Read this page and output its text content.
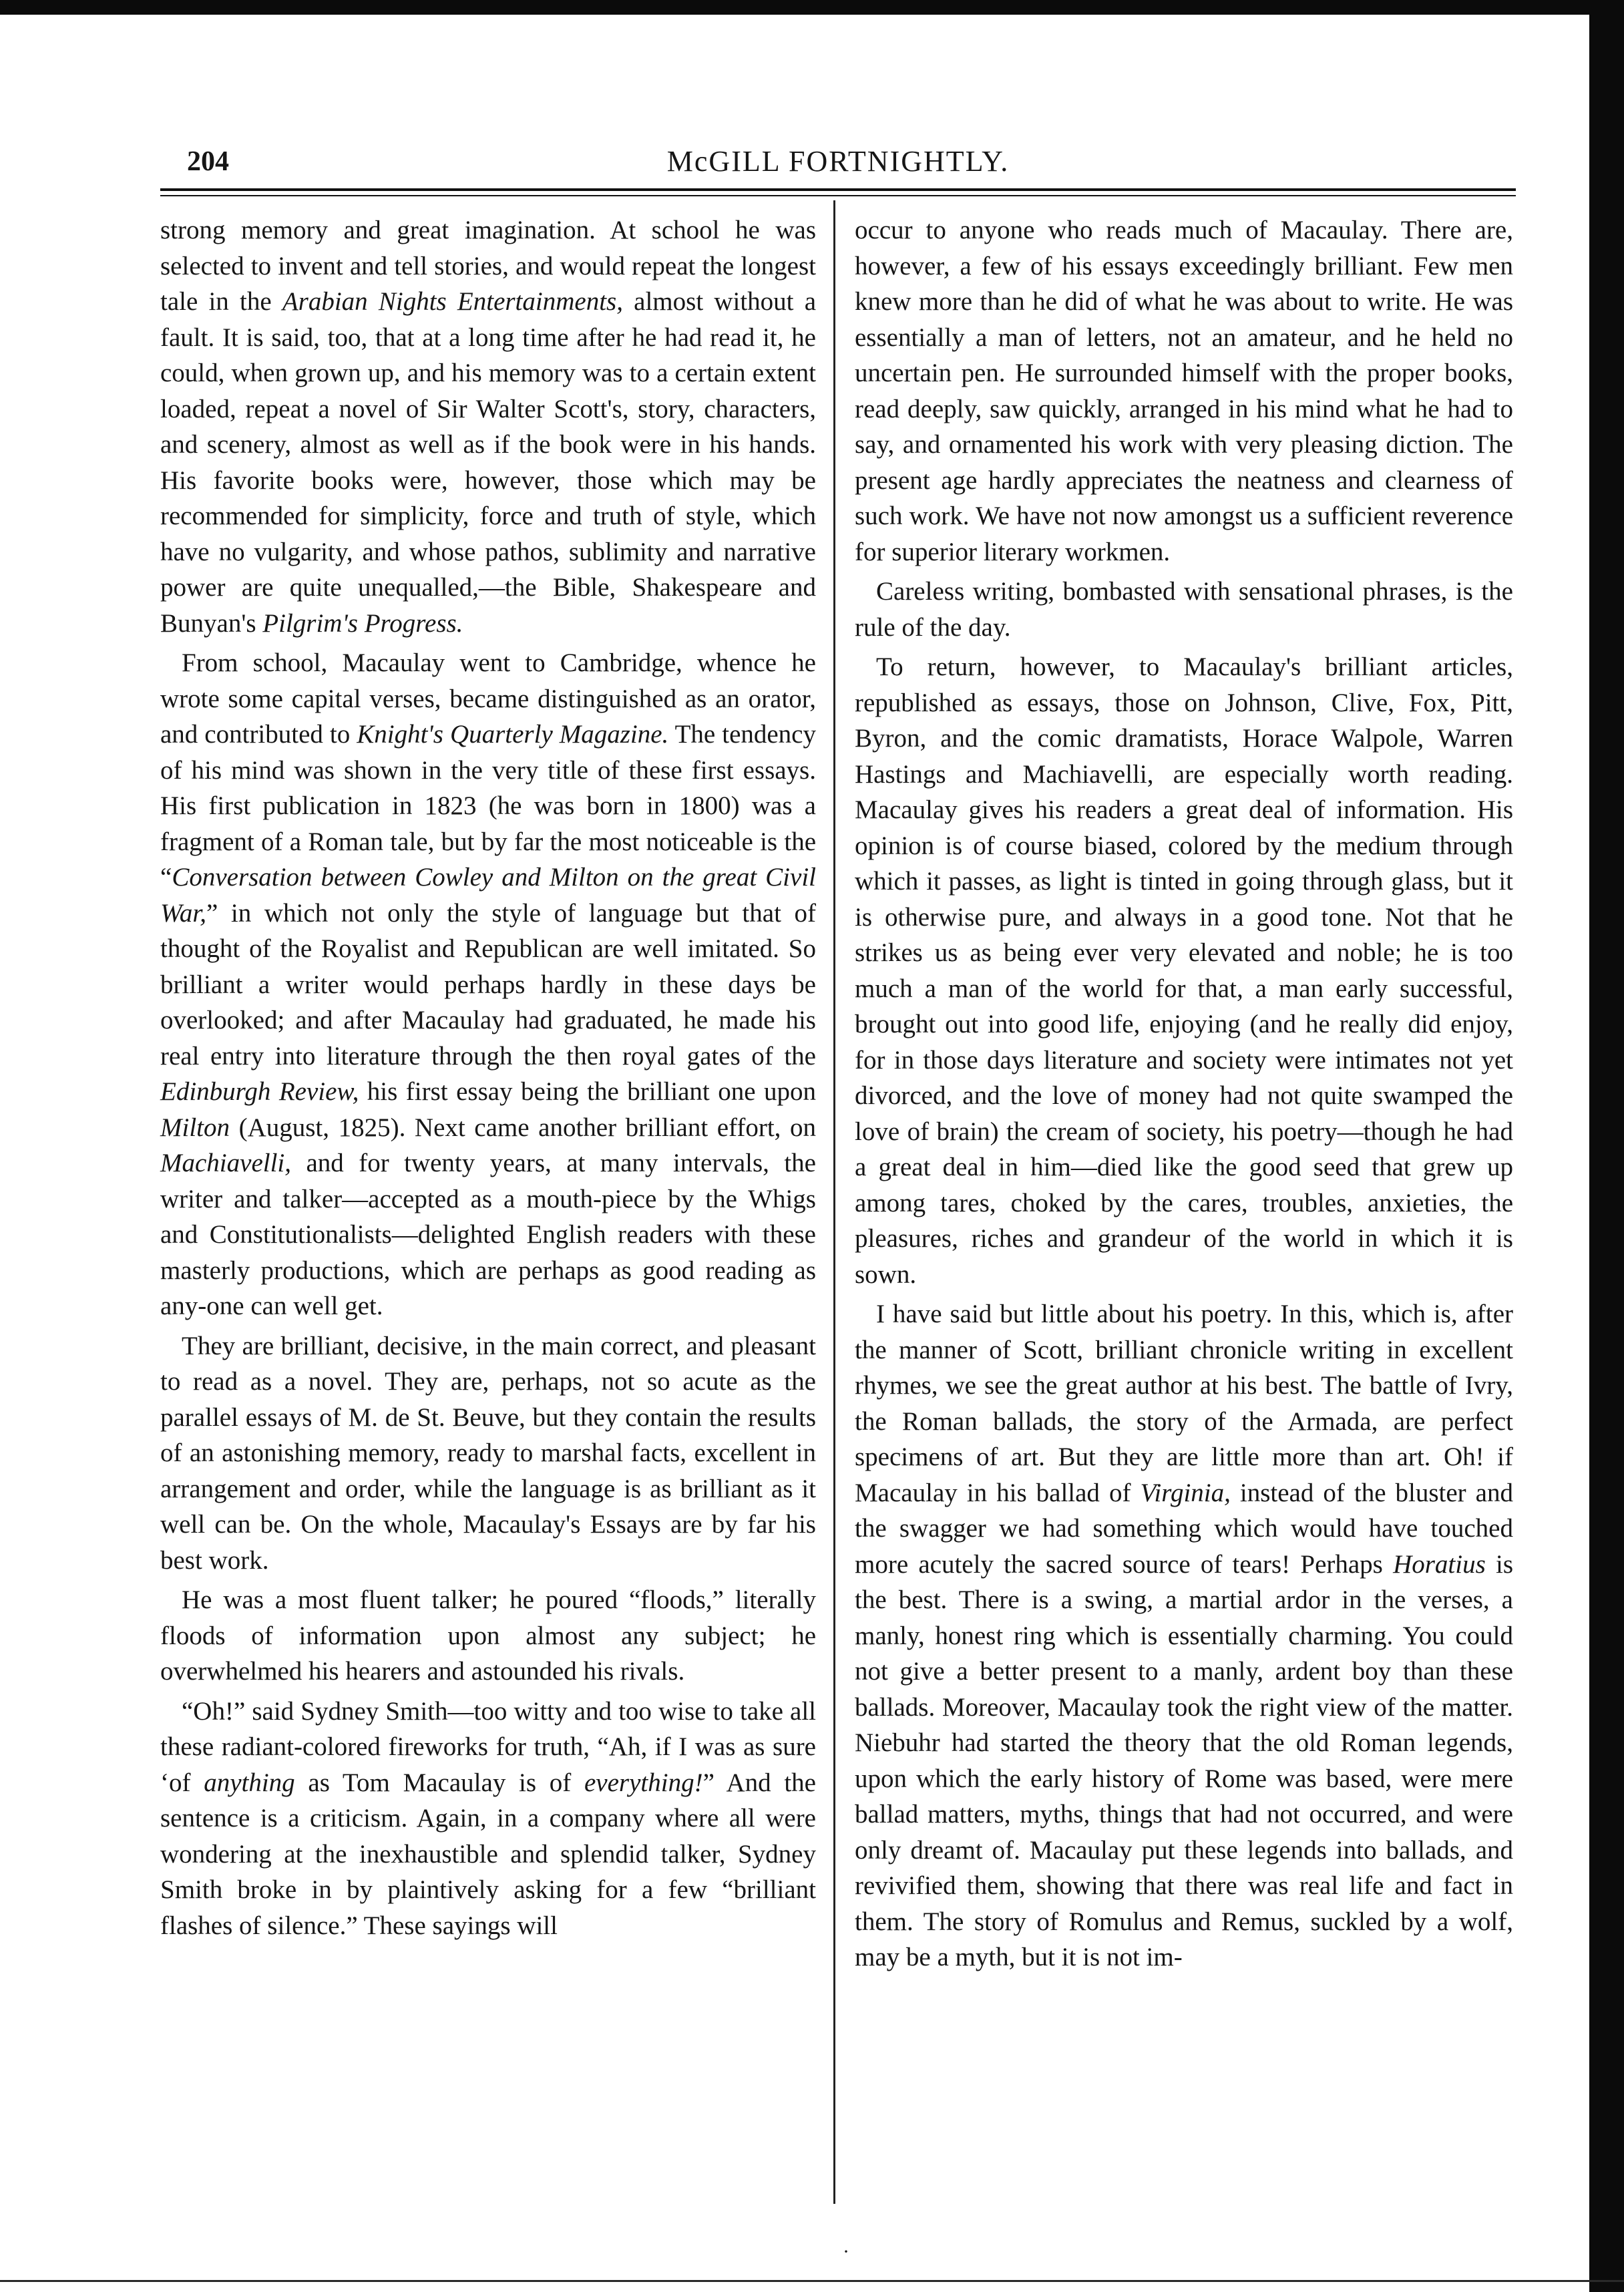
204	McGILL FORTNIGHTLY.

strong memory and great imagination. At school he was selected to invent and tell stories, and would repeat the longest tale in the Arabian Nights Entertainments, almost without a fault. It is said, too, that at a long time after he had read it, he could, when grown up, and his memory was to a certain extent loaded, repeat a novel of Sir Walter Scott's, story, characters, and scenery, almost as well as if the book were in his hands. His favorite books were, however, those which may be recommended for simplicity, force and truth of style, which have no vulgarity, and whose pathos, sublimity and narrative power are quite unequalled,—the Bible, Shakespeare and Bunyan's Pilgrim's Progress.

From school, Macaulay went to Cambridge, whence he wrote some capital verses, became distinguished as an orator, and contributed to Knight's Quarterly Magazine. The tendency of his mind was shown in the very title of these first essays. His first publication in 1823 (he was born in 1800) was a fragment of a Roman tale, but by far the most noticeable is the “Conversation between Cowley and Milton on the great Civil War,” in which not only the style of language but that of thought of the Royalist and Republican are well imitated. So brilliant a writer would perhaps hardly in these days be overlooked; and after Macaulay had graduated, he made his real entry into literature through the then royal gates of the Edinburgh Review, his first essay being the brilliant one upon Milton (August, 1825). Next came another brilliant effort, on Machiavelli, and for twenty years, at many intervals, the writer and talker—accepted as a mouth-piece by the Whigs and Constitutionalists—delighted English readers with these masterly productions, which are perhaps as good reading as any-one can well get.

They are brilliant, decisive, in the main correct, and pleasant to read as a novel. They are, perhaps, not so acute as the parallel essays of M. de St. Beuve, but they contain the results of an astonishing memory, ready to marshal facts, excellent in arrangement and order, while the language is as brilliant as it well can be. On the whole, Macaulay's Essays are by far his best work.

He was a most fluent talker; he poured “floods,” literally floods of information upon almost any subject; he overwhelmed his hearers and astounded his rivals.

“Oh!” said Sydney Smith—too witty and too wise to take all these radiant-colored fireworks for truth, “Ah, if I was as sure ‘of anything as Tom Macaulay is of everything!” And the sentence is a criticism. Again, in a company where all were wondering at the inexhaustible and splendid talker, Sydney Smith broke in by plaintively asking for a few “brilliant flashes of silence.” These sayings will

occur to anyone who reads much of Macaulay. There are, however, a few of his essays exceedingly brilliant. Few men knew more than he did of what he was about to write. He was essentially a man of letters, not an amateur, and he held no uncertain pen. He surrounded himself with the proper books, read deeply, saw quickly, arranged in his mind what he had to say, and ornamented his work with very pleasing diction. The present age hardly appreciates the neatness and clearness of such work. We have not now amongst us a sufficient reverence for superior literary workmen.

Careless writing, bombasted with sensational phrases, is the rule of the day.

To return, however, to Macaulay's brilliant articles, republished as essays, those on Johnson, Clive, Fox, Pitt, Byron, and the comic dramatists, Horace Walpole, Warren Hastings and Machiavelli, are especially worth reading. Macaulay gives his readers a great deal of information. His opinion is of course biased, colored by the medium through which it passes, as light is tinted in going through glass, but it is otherwise pure, and always in a good tone. Not that he strikes us as being ever very elevated and noble; he is too much a man of the world for that, a man early successful, brought out into good life, enjoying (and he really did enjoy, for in those days literature and society were intimates not yet divorced, and the love of money had not quite swamped the love of brain) the cream of society, his poetry—though he had a great deal in him—died like the good seed that grew up among tares, choked by the cares, troubles, anxieties, the pleasures, riches and grandeur of the world in which it is sown.

I have said but little about his poetry. In this, which is, after the manner of Scott, brilliant chronicle writing in excellent rhymes, we see the great author at his best. The battle of Ivry, the Roman ballads, the story of the Armada, are perfect specimens of art. But they are little more than art. Oh! if Macaulay in his ballad of Virginia, instead of the bluster and the swagger we had something which would have touched more acutely the sacred source of tears! Perhaps Horatius is the best. There is a swing, a martial ardor in the verses, a manly, honest ring which is essentially charming. You could not give a better present to a manly, ardent boy than these ballads. Moreover, Macaulay took the right view of the matter. Niebuhr had started the theory that the old Roman legends, upon which the early history of Rome was based, were mere ballad matters, myths, things that had not occurred, and were only dreamt of. Macaulay put these legends into ballads, and revivified them, showing that there was real life and fact in them. The story of Romulus and Remus, suckled by a wolf, may be a myth, but it is not im-

·
